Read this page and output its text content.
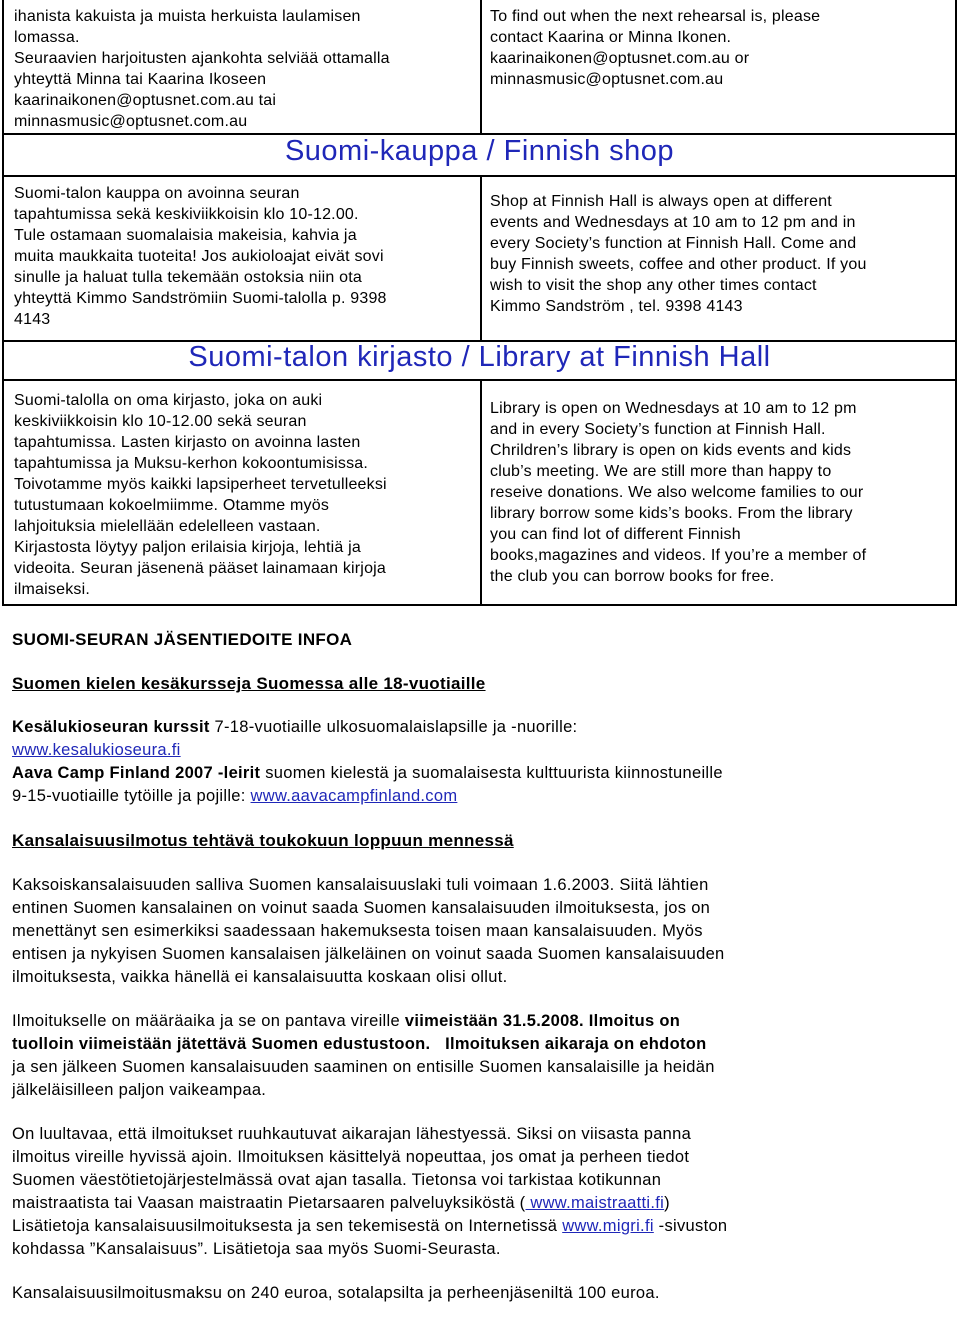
ihanista kakuista ja muista herkuista laulamisen

lomassa.

Seuraavien harjoitusten ajankohta selviää ottamalla

yhteyttä Minna tai Kaarina Ikoseen

kaarinaikonen@optusnet.com.au tai

minnasmusic@optusnet.com.au

To find out when the next rehearsal is, please

contact Kaarina or Minna Ikonen.

kaarinaikonen@optusnet.com.au or

minnasmusic@optusnet.com.au

Suomi-kauppa / Finnish shop

Suomi-talon kauppa on avoinna seuran

tapahtumissa sekä keskiviikkoisin klo 10-12.00.

Tule ostamaan suomalaisia makeisia, kahvia ja

muita maukkaita tuoteita! Jos aukioloajat eivät sovi

sinulle ja haluat tulla tekemään ostoksia niin ota

yhteyttä Kimmo Sandströmiin Suomi-talolla p. 9398

4143

Shop at Finnish Hall is always open at different

events and Wednesdays at 10 am to 12 pm and in

every Society’s function at Finnish Hall. Come and

buy Finnish sweets, coffee and other product. If you

wish to visit the shop any other times contact

Kimmo Sandström , tel. 9398 4143

Suomi-talon kirjasto / Library at Finnish Hall

Suomi-talolla on oma kirjasto, joka on auki

keskiviikkoisin klo 10-12.00 sekä seuran

tapahtumissa. Lasten kirjasto on avoinna lasten

tapahtumissa ja Muksu-kerhon kokoontumisissa.

Toivotamme myös kaikki lapsiperheet tervetulleeksi

tutustumaan kokoelmiimme. Otamme myös

lahjoituksia mielellään edelelleen vastaan.

Kirjastosta löytyy paljon erilaisia kirjoja, lehtiä ja

videoita. Seuran jäsenenä pääset lainamaan kirjoja

ilmaiseksi.

Library is open on Wednesdays at 10 am to 12 pm

and in every Society’s function at Finnish Hall.

Chrildren’s library is open on kids events and kids

club’s meeting. We are still more than happy to

reseive donations. We also welcome families to our

library borrow some kids’s books. From the library

you can find lot of different Finnish

books,magazines and videos. If you’re a member of

the club you can borrow books for free.

SUOMI-SEURAN JÄSENTIEDOITE INFOA

Suomen kielen kesäkursseja Suomessa alle 18-vuotiaille

Kesälukioseuran kurssit 7-18-vuotiaille ulkosuomalaislapsille ja -nuorille:

www.kesalukioseura.fi

Aava Camp Finland 2007 -leirit suomen kielestä ja suomalaisesta kulttuurista kiinnostuneille

9-15-vuotiaille tytöille ja pojille: www.aavacampfinland.com

Kansalaisuusilmotus tehtävä toukokuun loppuun mennessä

Kaksoiskansalaisuuden salliva Suomen kansalaisuuslaki tuli voimaan 1.6.2003. Siitä lähtien

entinen Suomen kansalainen on voinut saada Suomen kansalaisuuden ilmoituksesta, jos on

menettänyt sen esimerkiksi saadessaan hakemuksesta toisen maan kansalaisuuden. Myös

entisen ja nykyisen Suomen kansalaisen jälkeläinen on voinut saada Suomen kansalaisuuden

ilmoituksesta, vaikka hänellä ei kansalaisuutta koskaan olisi ollut.

Ilmoitukselle on määräaika ja se on pantava vireille viimeistään 31.5.2008. Ilmoitus on

tuolloin viimeistään jätettävä Suomen edustustoon. Ilmoituksen aikaraja on ehdoton

ja sen jälkeen Suomen kansalaisuuden saaminen on entisille Suomen kansalaisille ja heidän

jälkeläisilleen paljon vaikeampaa.

On luultavaa, että ilmoitukset ruuhkautuvat aikarajan lähestyessä. Siksi on viisasta panna

ilmoitus vireille hyvissä ajoin. Ilmoituksen käsittelyä nopeuttaa, jos omat ja perheen tiedot

Suomen väestötietojärjestelmässä ovat ajan tasalla. Tietonsa voi tarkistaa kotikunnan

maistraatista tai Vaasan maistraatin Pietarsaaren palveluyksiköstä ( www.maistraatti.fi)

Lisätietoja kansalaisuusilmoituksesta ja sen tekemisestä on Internetissä www.migri.fi -sivuston

kohdassa ”Kansalaisuus”. Lisätietoja saa myös Suomi-Seurasta.

Kansalaisuusilmoitusmaksu on 240 euroa, sotalapsilta ja perheenjäseniltä 100 euroa.
